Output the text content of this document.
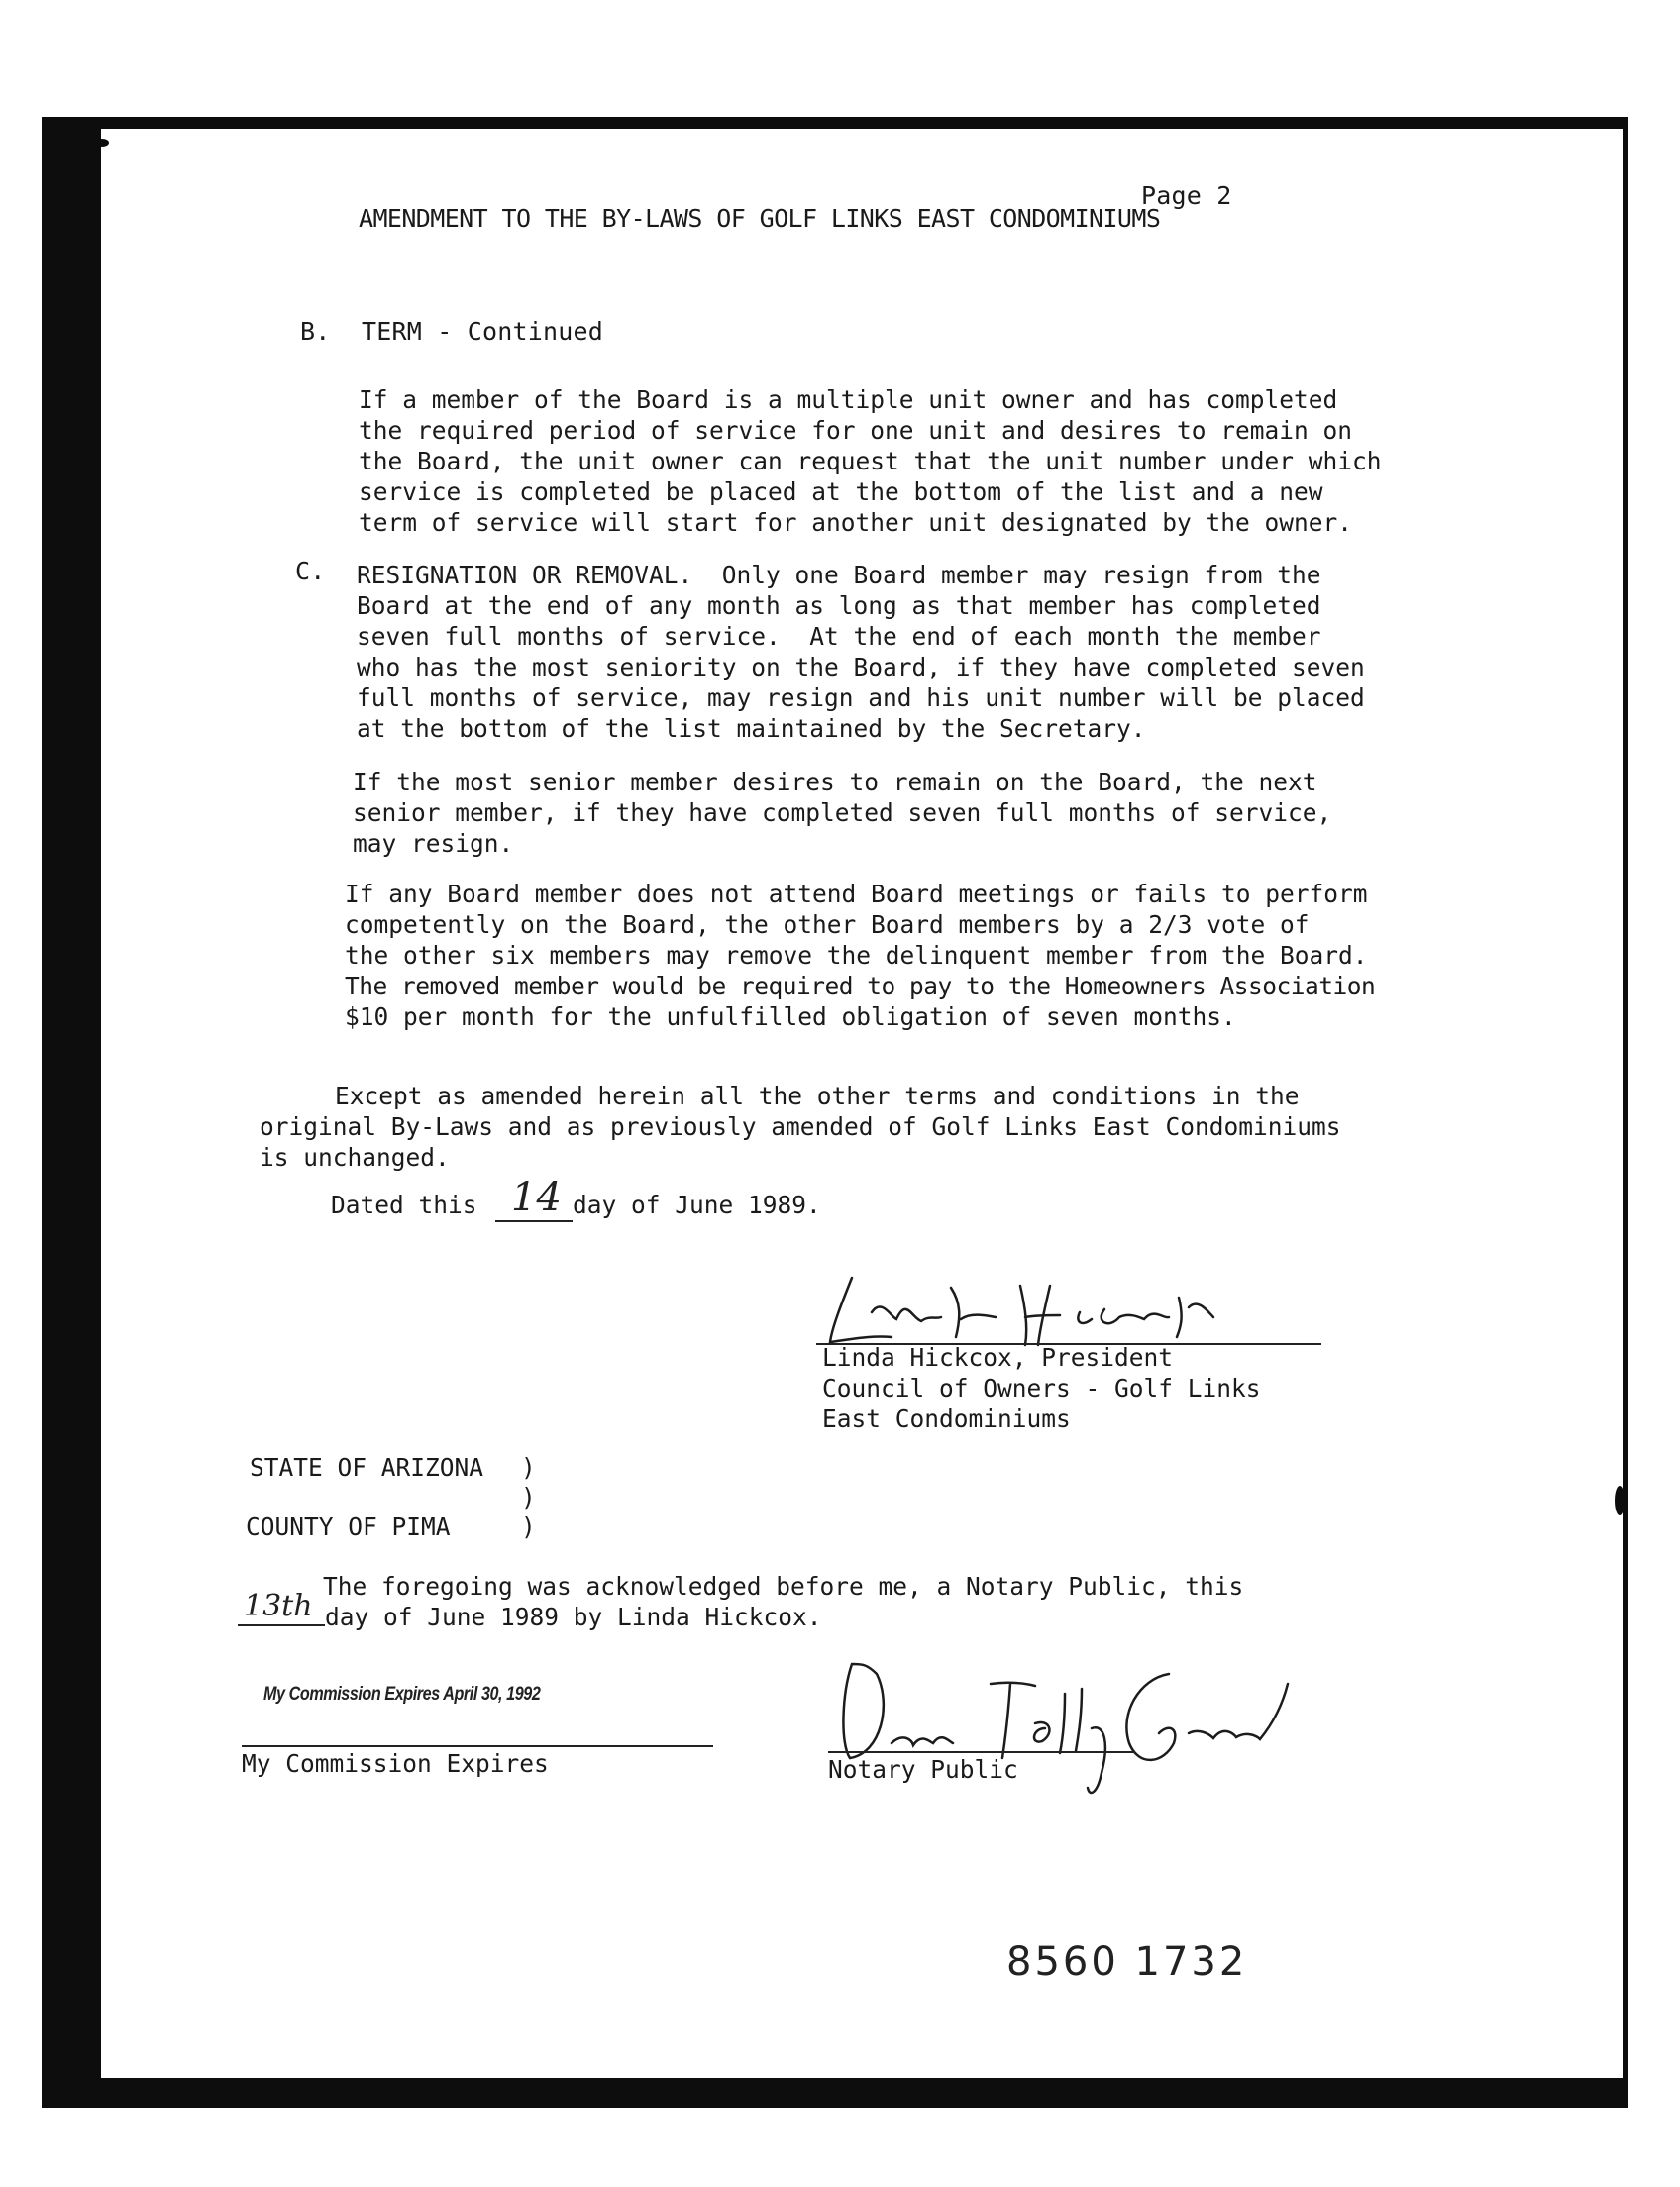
Page 2
AMENDMENT TO THE BY-LAWS OF GOLF LINKS EAST CONDOMINIUMS
B. TERM - Continued
If a member of the Board is a multiple unit owner and has completed
the required period of service for one unit and desires to remain on
the Board, the unit owner can request that the unit number under which
service is completed be placed at the bottom of the list and a new
term of service will start for another unit designated by the owner.
C. RESIGNATION OR REMOVAL.  Only one Board member may resign from the
Board at the end of any month as long as that member has completed
seven full months of service.  At the end of each month the member
who has the most seniority on the Board, if they have completed seven
full months of service, may resign and his unit number will be placed
at the bottom of the list maintained by the Secretary.
If the most senior member desires to remain on the Board, the next
senior member, if they have completed seven full months of service,
may resign.
If any Board member does not attend Board meetings or fails to perform
competently on the Board, the other Board members by a 2/3 vote of
the other six members may remove the delinquent member from the Board.
The removed member would be required to pay to the Homeowners Association
$10 per month for the unfulfilled obligation of seven months.
Except as amended herein all the other terms and conditions in the
original By-Laws and as previously amended of Golf Links East Condominiums
is unchanged.
Dated this 14 day of June 1989.
Linda Hickcox, President
Council of Owners - Golf Links
East Condominiums
STATE OF ARIZONA )
)
COUNTY OF PIMA	)
The foregoing was acknowledged before me, a Notary Public, this
13th day of June 1989 by Linda Hickcox.
My Commission Expires April 30, 1992
My Commission Expires	Notary Public
8560 1732
